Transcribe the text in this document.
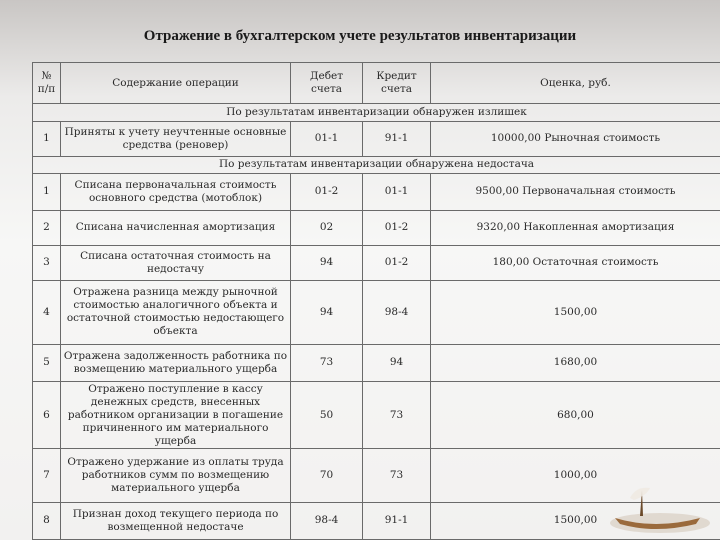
Отражение в бухгалтерском учете результатов инвентаризации
№ п/п	Содержание операции	Дебет счета	Кредит счета	Оценка, руб.
По результатам инвентаризации обнаружен излишек				
1	Приняты к учету неучтенные основные средства (реновер)	01-1	91-1	10000,00 Рыночная стоимость
По результатам инвентаризации обнаружена недостача				
1	Списана первоначальная стоимость основного средства (мотоблок)	01-2	01-1	9500,00 Первоначальная стоимость
2	Списана начисленная амортизация	02	01-2	9320,00 Накопленная амортизация
3	Списана остаточная стоимость на недостачу	94	01-2	180,00 Остаточная стоимость
4	Отражена разница между рыночной стоимостью аналогичного объекта и остаточной стоимостью недостающего объекта	94	98-4	1500,00
5	Отражена задолженность работника по возмещению материального ущерба	73	94	1680,00
6	Отражено поступление в кассу денежных средств, внесенных работником организации в погашение причиненного им материального ущерба	50	73	680,00
7	Отражено удержание из оплаты труда работников сумм по возмещению материального ущерба	70	73	1000,00
8	Признан доход текущего периода по возмещенной недостаче	98-4	91-1	1500,00
